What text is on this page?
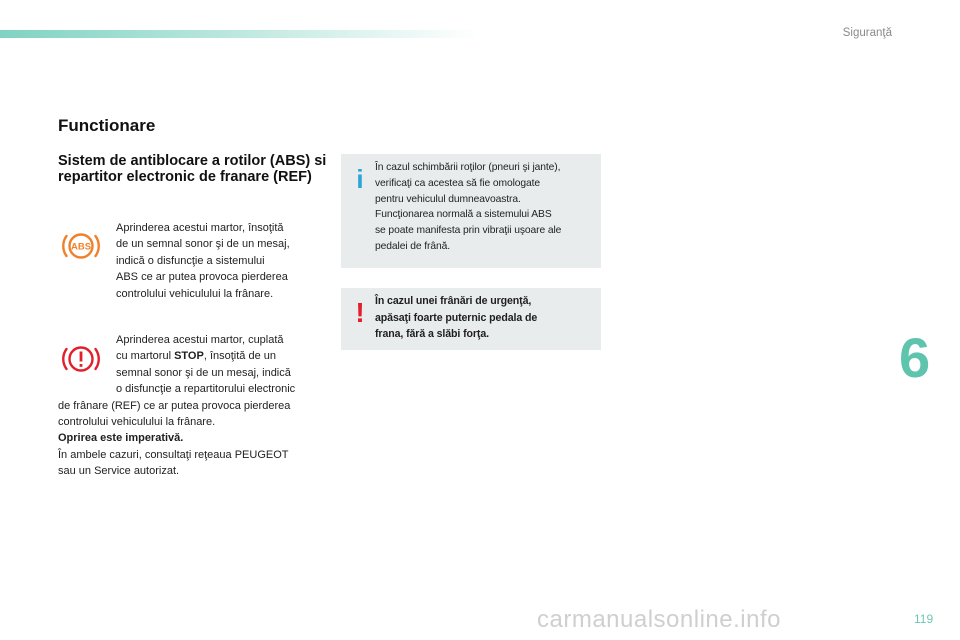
Siguranţă
Functionare
Sistem de antiblocare a rotilor (ABS) si repartitor electronic de franare (REF)
ABS

Aprinderea acestui martor, însoţită

de un semnal sonor şi de un mesaj,

indică o disfuncţie a sistemului

ABS ce ar putea provoca pierderea

controlului vehiculului la frânare.

Aprinderea acestui martor, cuplată

cu martorul STOP, însoţită de un

semnal sonor şi de un mesaj, indică

o disfuncţie a repartitorului electronic

de frânare (REF) ce ar putea provoca pierderea

controlului vehiculului la frânare.

Oprirea este imperativă.

În ambele cazuri, consultaţi reţeaua PEUGEOT

sau un Service autorizat.

i	În cazul schimbării roţilor (pneuri şi jante),
verificaţi ca acestea să fie omologate
pentru vehiculul dumneavoastra.
Funcţionarea normală a sistemului ABS
se poate manifesta prin vibraţii uşoare ale
pedalei de frână.
! În cazul unei frânări de urgenţă,
apăsaţi foarte puternic pedala de
frana, fără a slăbi forţa.	6
carmanualsonline.info	119
